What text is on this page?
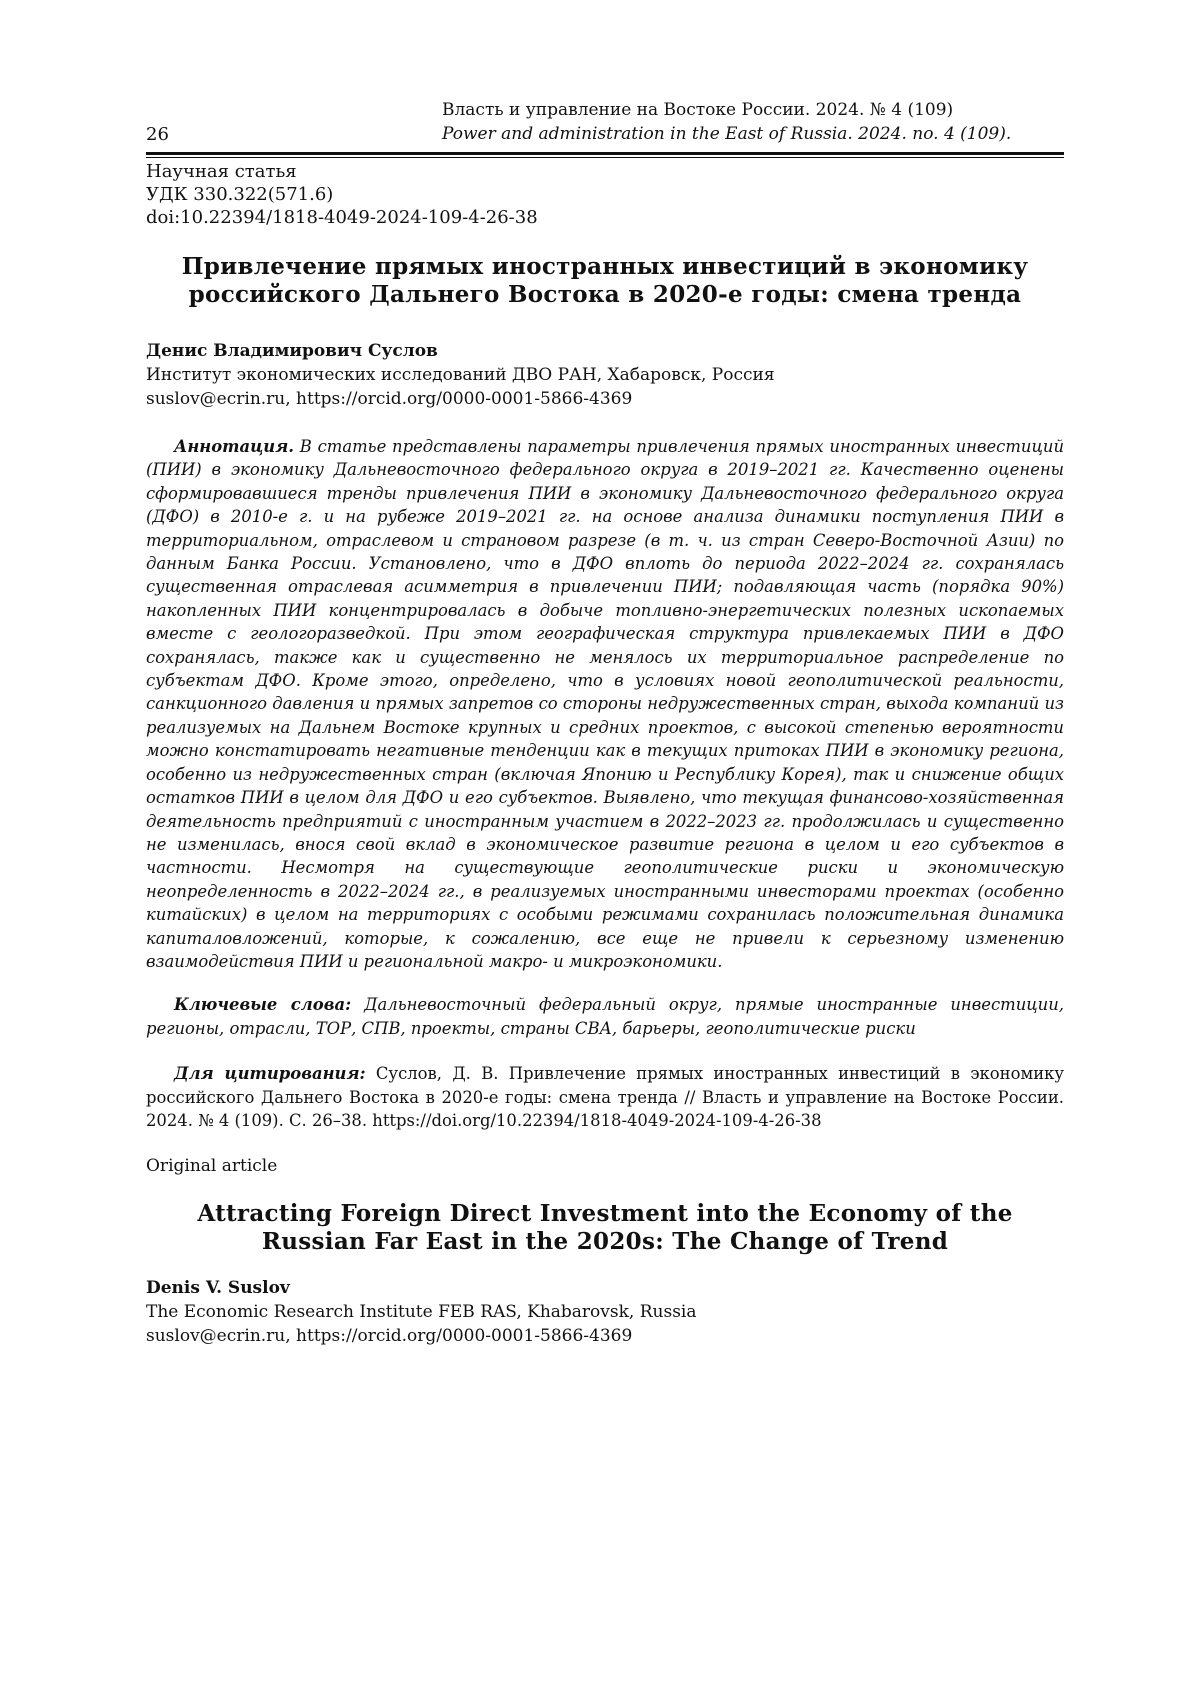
26
Власть и управление на Востоке России. 2024. № 4 (109)
Power and administration in the East of Russia. 2024. no. 4 (109).
Научная статья
УДК 330.322(571.6)
doi:10.22394/1818-4049-2024-109-4-26-38
Привлечение прямых иностранных инвестиций в экономику российского Дальнего Востока в 2020-е годы: смена тренда
Денис Владимирович Суслов
Институт экономических исследований ДВО РАН, Хабаровск, Россия
suslov@ecrin.ru, https://orcid.org/0000-0001-5866-4369

Аннотация. В статье представлены параметры привлечения прямых иностранных инвестиций (ПИИ) в экономику Дальневосточного федерального округа в 2019–2021 гг. Качественно оценены сформировавшиеся тренды привлечения ПИИ в экономику Дальневосточного федерального округа (ДФО) в 2010-е г. и на рубеже 2019–2021 гг. на основе анализа динамики поступления ПИИ в территориальном, отраслевом и страновом разрезе (в т. ч. из стран Северо-Восточной Азии) по данным Банка России. Установлено, что в ДФО вплоть до периода 2022–2024 гг. сохранялась существенная отраслевая асимметрия в привлечении ПИИ; подавляющая часть (порядка 90%) накопленных ПИИ концентрировалась в добыче топливно-энергетических полезных ископаемых вместе с геологоразведкой. При этом географическая структура привлекаемых ПИИ в ДФО сохранялась, также как и существенно не менялось их территориальное распределение по субъектам ДФО. Кроме этого, определено, что в условиях новой геополитической реальности, санкционного давления и прямых запретов со стороны недружественных стран, выхода компаний из реализуемых на Дальнем Востоке крупных и средних проектов, с высокой степенью вероятности можно констатировать негативные тенденции как в текущих притоках ПИИ в экономику региона, особенно из недружественных стран (включая Японию и Республику Корея), так и снижение общих остатков ПИИ в целом для ДФО и его субъектов. Выявлено, что текущая финансово-хозяйственная деятельность предприятий с иностранным участием в 2022–2023 гг. продолжилась и существенно не изменилась, внося свой вклад в экономическое развитие региона в целом и его субъектов в частности. Несмотря на существующие геополитические риски и экономическую неопределенность в 2022–2024 гг., в реализуемых иностранными инвесторами проектах (особенно китайских) в целом на территориях с особыми режимами сохранилась положительная динамика капиталовложений, которые, к сожалению, все еще не привели к серьезному изменению взаимодействия ПИИ и региональной макро- и микроэкономики.

Ключевые слова: Дальневосточный федеральный округ, прямые иностранные инвестиции, регионы, отрасли, ТОР, СПВ, проекты, страны СВА, барьеры, геополитические риски

Для цитирования: Суслов, Д. В. Привлечение прямых иностранных инвестиций в экономику российского Дальнего Востока в 2020-е годы: смена тренда // Власть и управление на Востоке России. 2024. № 4 (109). С. 26–38. https://doi.org/10.22394/1818-4049-2024-109-4-26-38

Original article
Attracting Foreign Direct Investment into the Economy of the Russian Far East in the 2020s: The Change of Trend
Denis V. Suslov
The Economic Research Institute FEB RAS, Khabarovsk, Russia
suslov@ecrin.ru, https://orcid.org/0000-0001-5866-4369
